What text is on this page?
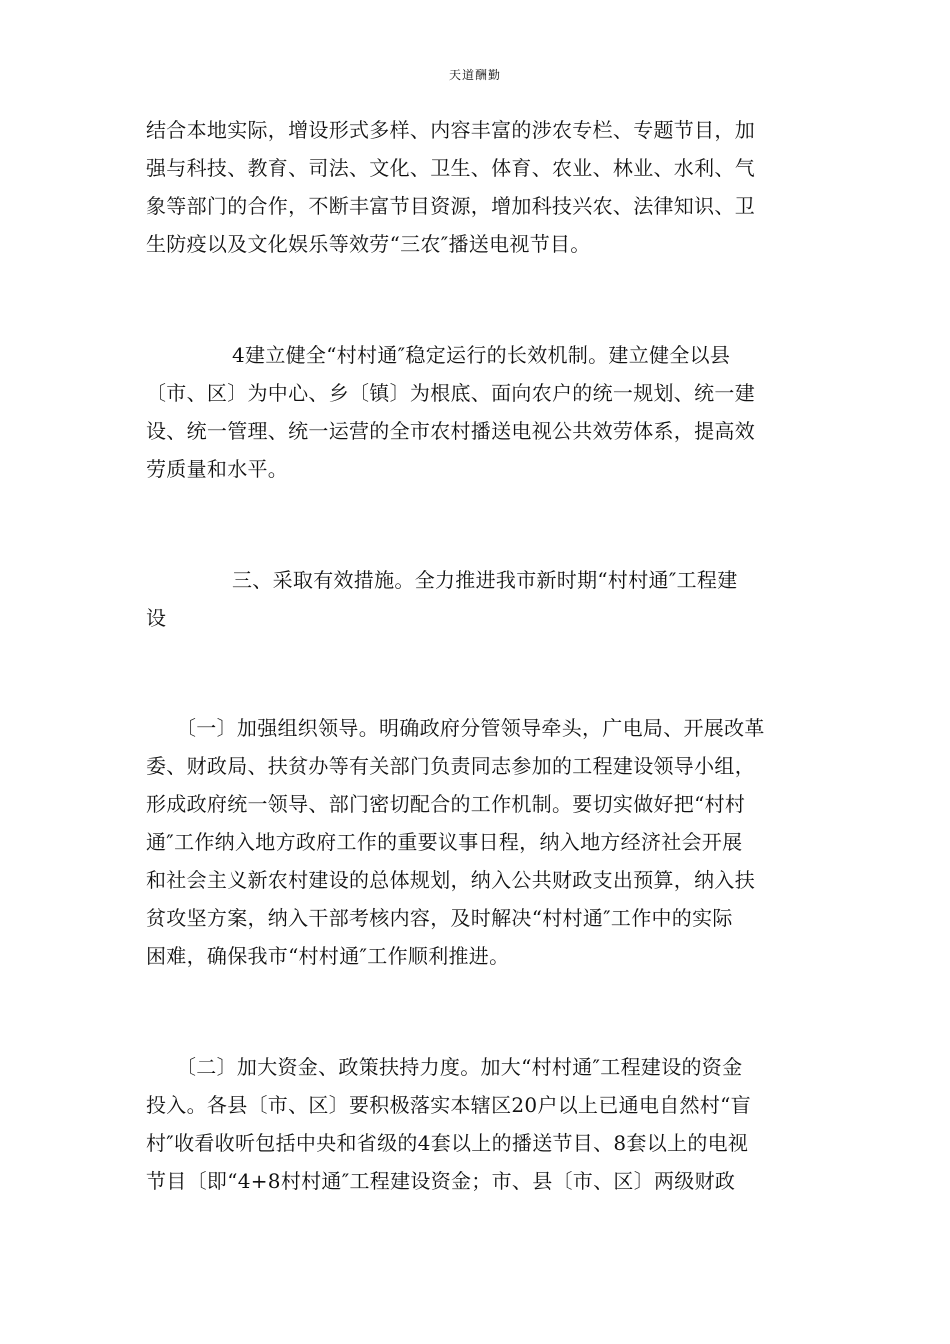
天道酬勤
结合本地实际，增设形式多样、内容丰富的涉农专栏、专题节目，加
强与科技、教育、司法、文化、卫生、体育、农业、林业、水利、气
象等部门的合作，不断丰富节目资源，增加科技兴农、法律知识、卫
生防疫以及文化娱乐等效劳“三农″播送电视节目。
4建立健全“村村通″稳定运行的长效机制。建立健全以县
〔市、区〕为中心、乡〔镇〕为根底、面向农户的统一规划、统一建
设、统一管理、统一运营的全市农村播送电视公共效劳体系，提高效
劳质量和水平。
三、采取有效措施。全力推进我市新时期“村村通″工程建
设
〔一〕加强组织领导。明确政府分管领导牵头，广电局、开展改革
委、财政局、扶贫办等有关部门负责同志参加的工程建设领导小组，
形成政府统一领导、部门密切配合的工作机制。要切实做好把“村村
通″工作纳入地方政府工作的重要议事日程，纳入地方经济社会开展
和社会主义新农村建设的总体规划，纳入公共财政支出预算，纳入扶
贫攻坚方案，纳入干部考核内容，及时解决“村村通″工作中的实际
困难，确保我市“村村通″工作顺利推进。
〔二〕加大资金、政策扶持力度。加大“村村通″工程建设的资金
投入。各县〔市、区〕要积极落实本辖区20户以上已通电自然村“盲
村″收看收听包括中央和省级的4套以上的播送节目、8套以上的电视
节目〔即“4+8村村通″工程建设资金；市、县〔市、区〕两级财政
